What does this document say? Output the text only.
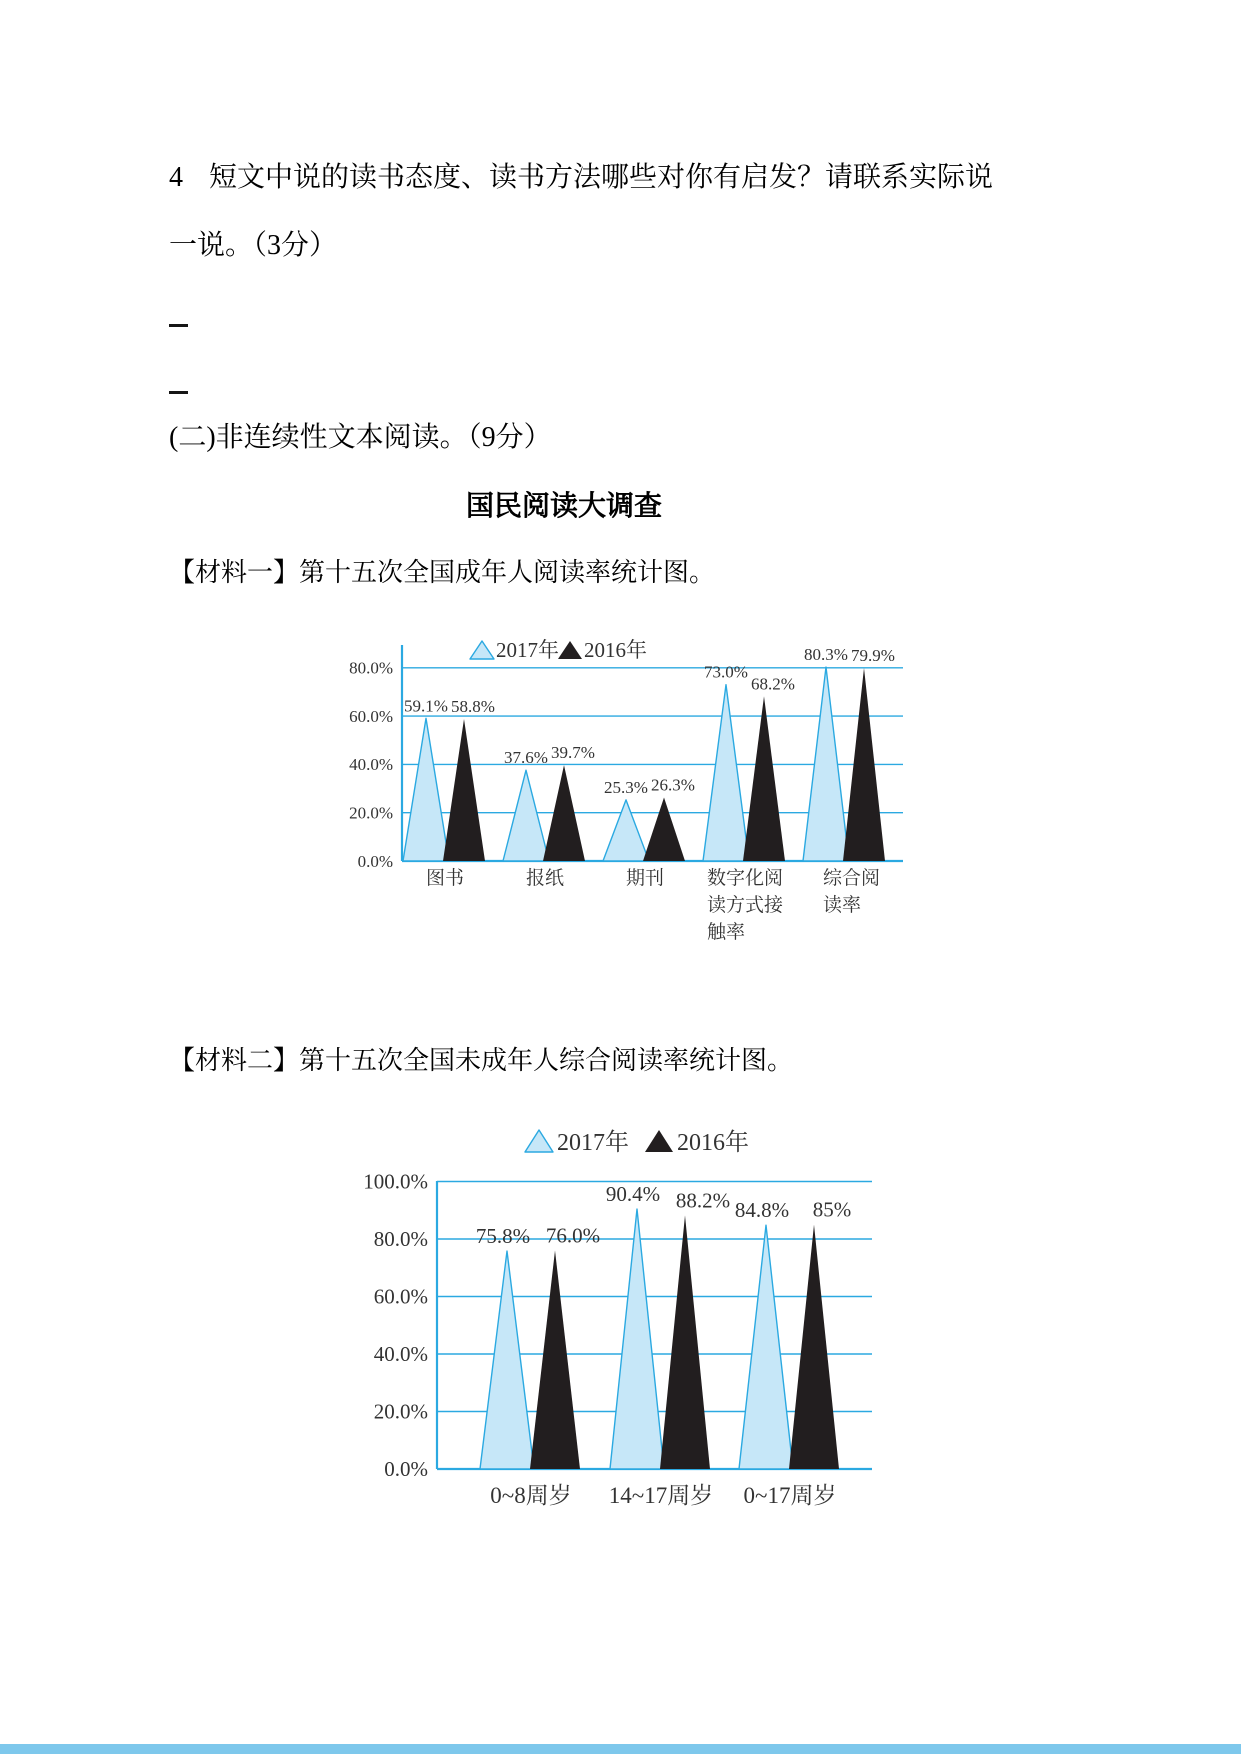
4 短文中说的读书态度、读书方法哪些对你有启发？请联系实际说
一说。（3分）
(二)非连续性文本阅读。（9分）
国民阅读大调查
【材料一】第十五次全国成年人阅读率统计图。
0.0%
20.0%
40.0%
60.0%
80.0%
2017年 2016年
59.1% 58.8%
图书
37.6% 39.7%
报纸
25.3% 26.3%
期刊
73.0%
68.2%
数字化阅
读方式接
触率
80.3% 79.9%
综合阅
读率
【材料二】第十五次全国未成年人综合阅读率统计图。
0.0%
20.0%
40.0%
60.0%
80.0%
100.0%
2017年 2016年
75.8% 76.0%
0~8周岁
90.4% 88.2%
14~17周岁
84.8% 85%
0~17周岁
